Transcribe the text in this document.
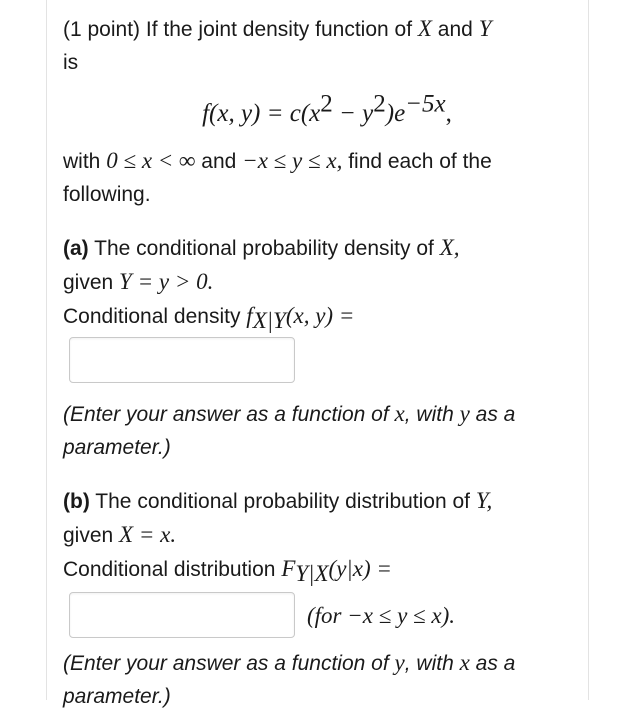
(1 point) If the joint density function of X and Y
is

f(x, $y) = c(x^2 - y^2)e^{-5x}$,

with 0 ≤ x < ∞ and −x ≤ y ≤ x, find each of the following.

(a) The conditional probability density of X,
given Y = y > 0.
Conditional density $f_{X|Y}(x$, y) =

(Enter your answer as a function of x, with y as a parameter.)

(b) The conditional probability distribution of Y,
given X = x.
Conditional distribution $F_{Y|X}(y|x)$ =

(for −x ≤ y ≤ x).

(Enter your answer as a function of y, with x as a parameter.)
